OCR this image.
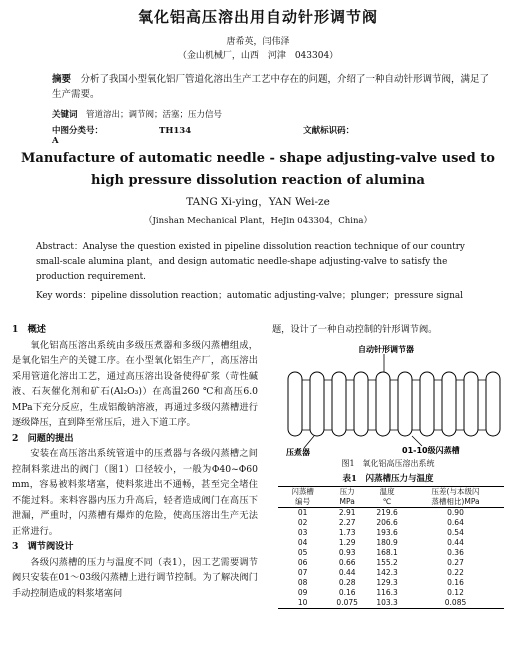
氧化铝高压溶出用自动针形调节阀
唐希英，闫伟泽
（金山机械厂，山西　河津　043304）
摘要　 分析了我国小型氧化铝厂管道化溶出生产工艺中存在的问题，介绍了一种自动针形调节阀，满足了生产需要。
关键词　 管道溶出；调节阀；活塞；压力信号
中图分类号：	TH134	文献标识码：A
Manufacture of automatic needle - shape adjusting-valve used to
high pressure dissolution reaction of alumina
TANG Xi-ying，YAN Wei-ze
（Jinshan Mechanical Plant，HeJin 043304，China）
Abstract：Analyse the question existed in pipeline dissolution reaction technique of our country small-scale alumina plant，and design automatic needle-shape adjusting-valve to satisfy the production requirement.
Key words：pipeline dissolution reaction；automatic adjusting-valve；plunger；pressure signal
1　概述

氧化铝高压溶出系统由多级压煮器和多级闪蒸槽组成，是氧化铝生产的关键工序。在小型氧化铝生产厂，高压溶出采用管道化溶出工艺，通过高压溶出设备使得矿浆（苛性碱液、石灰催化剂和矿石(Al₂O₃)）在高温260 ℃和高压6.0 MPa下充分反应，生成铝酸钠溶液，再通过多级闪蒸槽进行逐级降压，直到降至常压后，进入下道工序。

2　问题的提出

安装在高压溶出系统管道中的压煮器与各级闪蒸槽之间控制料浆进出的阀门（图1）口径较小，一般为Φ40~Φ60 mm，容易被料浆堵塞，使料浆进出不通畅，甚至完全堵住不能过料。来料容器内压力升高后，轻者造成阀门在高压下泄漏，严重时，闪蒸槽有爆炸的危险，使高压溶出生产无法正常进行。

3　调节阀设计

各级闪蒸槽的压力与温度不同（表1），因工艺需要调节阀只安装在01～03级闪蒸槽上进行调节控制。为了解决阀门手动控制造成的料浆堵塞问

题，设计了一种自动控制的针形调节阀。
自动针形调节器
压煮器	01-10级闪蒸槽
图1　氧化铝高压溶出系统
表1　闪蒸槽压力与温度
闪蒸槽	压力	温度	压差(与本级闪
编号	MPa	℃	蒸槽相比)MPa
01	2.91	219.6	0.90
02	2.27	206.6	0.64
03	1.73	193.6	0.54
04	1.29	180.9	0.44
05	0.93	168.1	0.36
06	0.66	155.2	0.27
07	0.44	142.3	0.22
08	0.28	129.3	0.16
09	0.16	116.3	0.12
10	0.075	103.3	0.085
